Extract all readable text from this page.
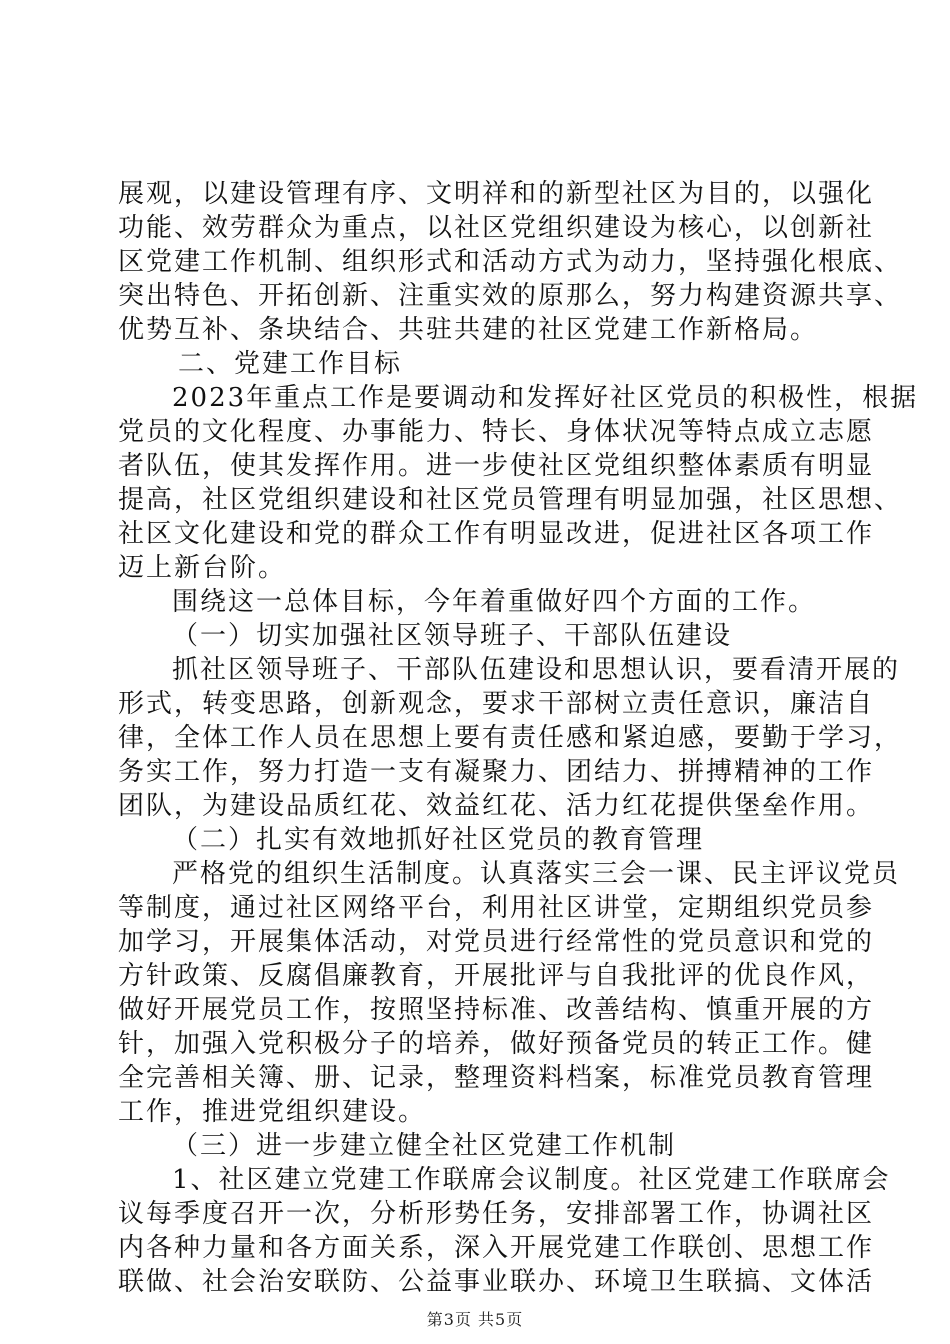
展观，以建设管理有序、文明祥和的新型社区为目的，以强化
功能、效劳群众为重点，以社区党组织建设为核心，以创新社
区党建工作机制、组织形式和活动方式为动力，坚持强化根底、
突出特色、开拓创新、注重实效的原那么，努力构建资源共享、
优势互补、条块结合、共驻共建的社区党建工作新格局。
二、党建工作目标
2023年重点工作是要调动和发挥好社区党员的积极性，根据
党员的文化程度、办事能力、特长、身体状况等特点成立志愿
者队伍，使其发挥作用。进一步使社区党组织整体素质有明显
提高，社区党组织建设和社区党员管理有明显加强，社区思想、
社区文化建设和党的群众工作有明显改进，促进社区各项工作
迈上新台阶。
围绕这一总体目标，今年着重做好四个方面的工作。
（一）切实加强社区领导班子、干部队伍建设
抓社区领导班子、干部队伍建设和思想认识，要看清开展的
形式，转变思路，创新观念，要求干部树立责任意识，廉洁自
律，全体工作人员在思想上要有责任感和紧迫感，要勤于学习，
务实工作，努力打造一支有凝聚力、团结力、拼搏精神的工作
团队，为建设品质红花、效益红花、活力红花提供堡垒作用。
（二）扎实有效地抓好社区党员的教育管理
严格党的组织生活制度。认真落实三会一课、民主评议党员
等制度，通过社区网络平台，利用社区讲堂，定期组织党员参
加学习，开展集体活动，对党员进行经常性的党员意识和党的
方针政策、反腐倡廉教育，开展批评与自我批评的优良作风，
做好开展党员工作，按照坚持标准、改善结构、慎重开展的方
针，加强入党积极分子的培养，做好预备党员的转正工作。健
全完善相关簿、册、记录，整理资料档案，标准党员教育管理
工作，推进党组织建设。
（三）进一步建立健全社区党建工作机制
1、社区建立党建工作联席会议制度。社区党建工作联席会
议每季度召开一次，分析形势任务，安排部署工作，协调社区
内各种力量和各方面关系，深入开展党建工作联创、思想工作
联做、社会治安联防、公益事业联办、环境卫生联搞、文体活
第3页 共5页
